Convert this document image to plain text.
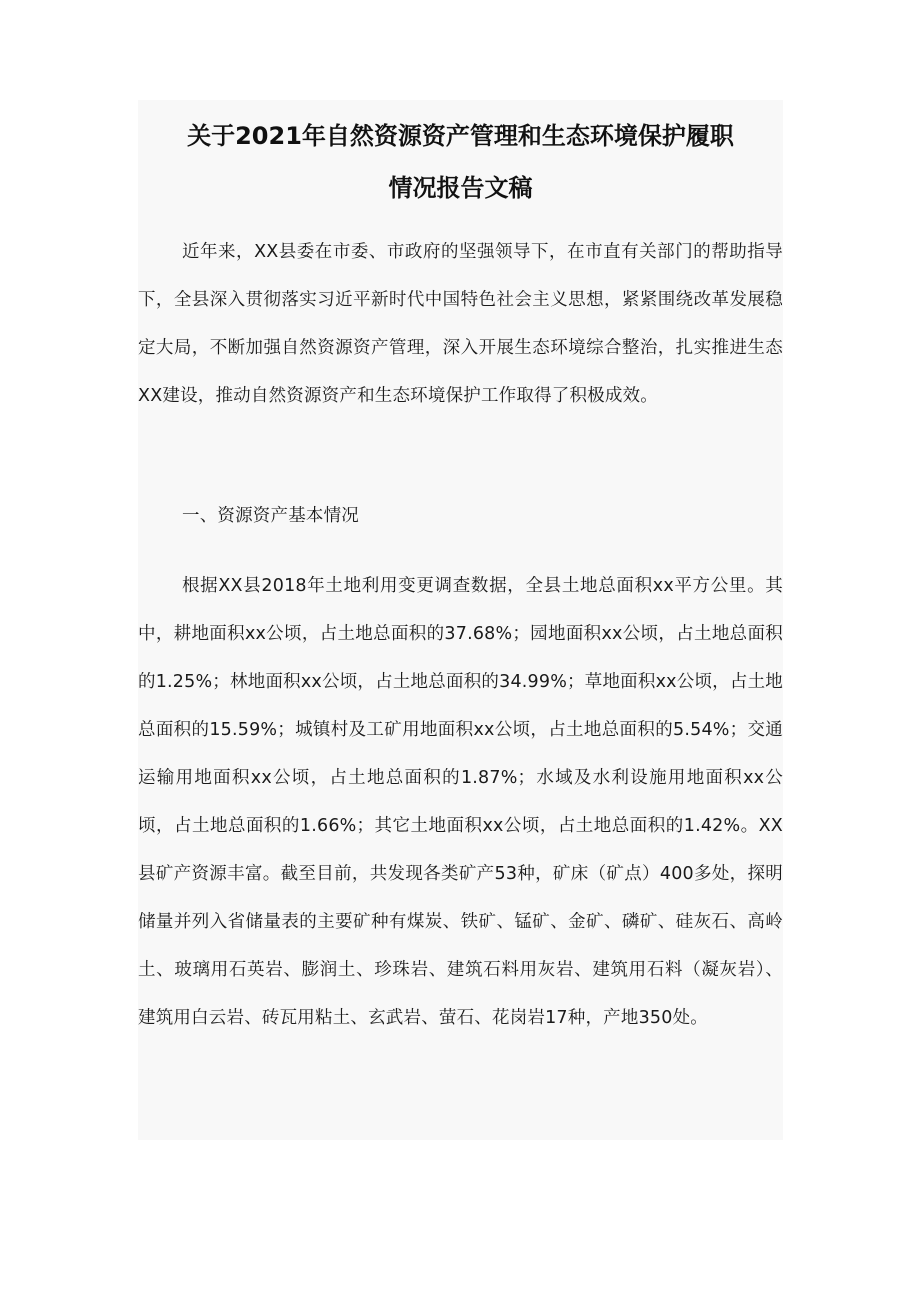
关于2021年自然资源资产管理和生态环境保护履职
情况报告文稿

近年来，XX县委在市委、市政府的坚强领导下，在市直有关部门的帮助指导下，全县深入贯彻落实习近平新时代中国特色社会主义思想，紧紧围绕改革发展稳定大局，不断加强自然资源资产管理，深入开展生态环境综合整治，扎实推进生态XX建设，推动自然资源资产和生态环境保护工作取得了积极成效。

一、资源资产基本情况

根据XX县2018年土地利用变更调查数据，全县土地总面积xx平方公里。其中，耕地面积xx公顷，占土地总面积的37.68%；园地面积xx公顷，占土地总面积的1.25%；林地面积xx公顷，占土地总面积的34.99%；草地面积xx公顷，占土地总面积的15.59%；城镇村及工矿用地面积xx公顷，占土地总面积的5.54%；交通运输用地面积xx公顷，占土地总面积的1.87%；水域及水利设施用地面积xx公顷，占土地总面积的1.66%；其它土地面积xx公顷，占土地总面积的1.42%。XX县矿产资源丰富。截至目前，共发现各类矿产53种，矿床（矿点）400多处，探明储量并列入省储量表的主要矿种有煤炭、铁矿、锰矿、金矿、磷矿、硅灰石、高岭土、玻璃用石英岩、膨润土、珍珠岩、建筑石料用灰岩、建筑用石料（凝灰岩）、建筑用白云岩、砖瓦用粘土、玄武岩、萤石、花岗岩17种，产地350处。
